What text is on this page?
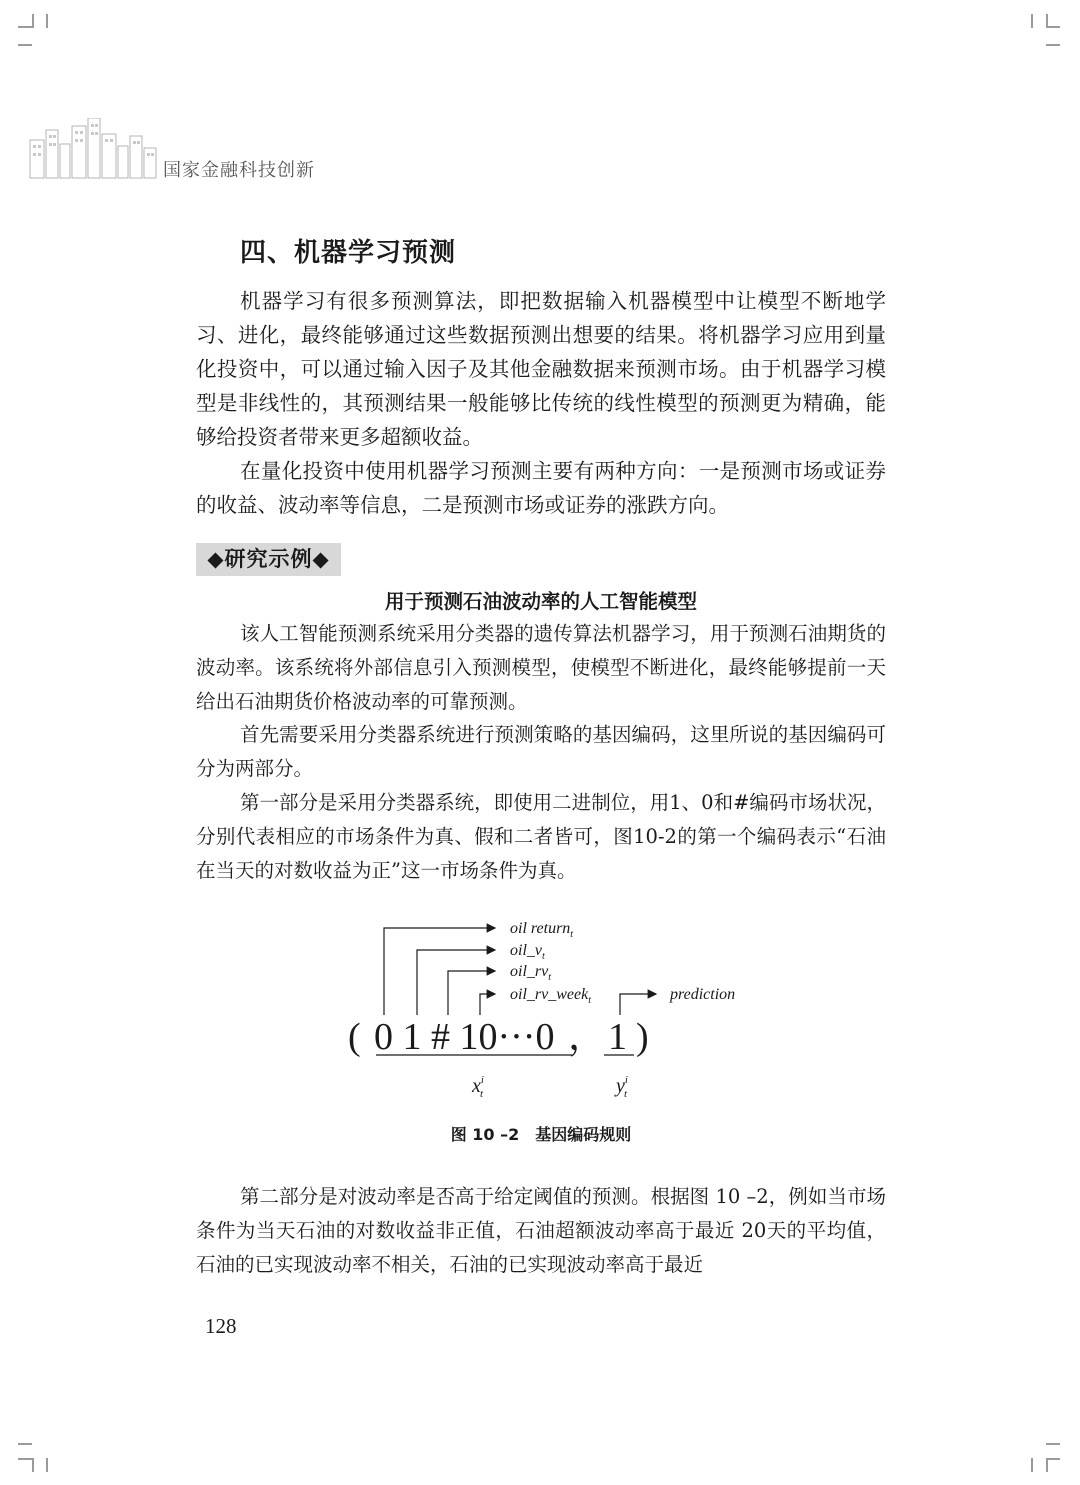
国家金融科技创新
四、机器学习预测

机器学习有很多预测算法，即把数据输入机器模型中让模型不断地学习、进化，最终能够通过这些数据预测出想要的结果。将机器学习应用到量化投资中，可以通过输入因子及其他金融数据来预测市场。由于机器学习模型是非线性的，其预测结果一般能够比传统的线性模型的预测更为精确，能够给投资者带来更多超额收益。

在量化投资中使用机器学习预测主要有两种方向：一是预测市场或证券的收益、波动率等信息，二是预测市场或证券的涨跌方向。

◆研究示例◆
用于预测石油波动率的人工智能模型

该人工智能预测系统采用分类器的遗传算法机器学习，用于预测石油期货的波动率。该系统将外部信息引入预测模型，使模型不断进化，最终能够提前一天给出石油期货价格波动率的可靠预测。

首先需要采用分类器系统进行预测策略的基因编码，这里所说的基因编码可分为两部分。

第一部分是采用分类器系统，即使用二进制位，用1、0和#编码市场状况，分别代表相应的市场条件为真、假和二者皆可，图10-2的第一个编码表示“石油在当天的对数收益为正”这一市场条件为真。

oil return$_t$
$oil\_v_t$
$oil\_rv_t$
oil_rv_week$_t$	prediction
( 0 1 # 10···0 ， 1 )
$x^i$ t	$y^i$ t
图 10 –2　基因编码规则

第二部分是对波动率是否高于给定阈值的预测。根据图 10 –2，例如当市场条件为当天石油的对数收益非正值，石油超额波动率高于最近 20天的平均值，石油的已实现波动率不相关，石油的已实现波动率高于最近

128
